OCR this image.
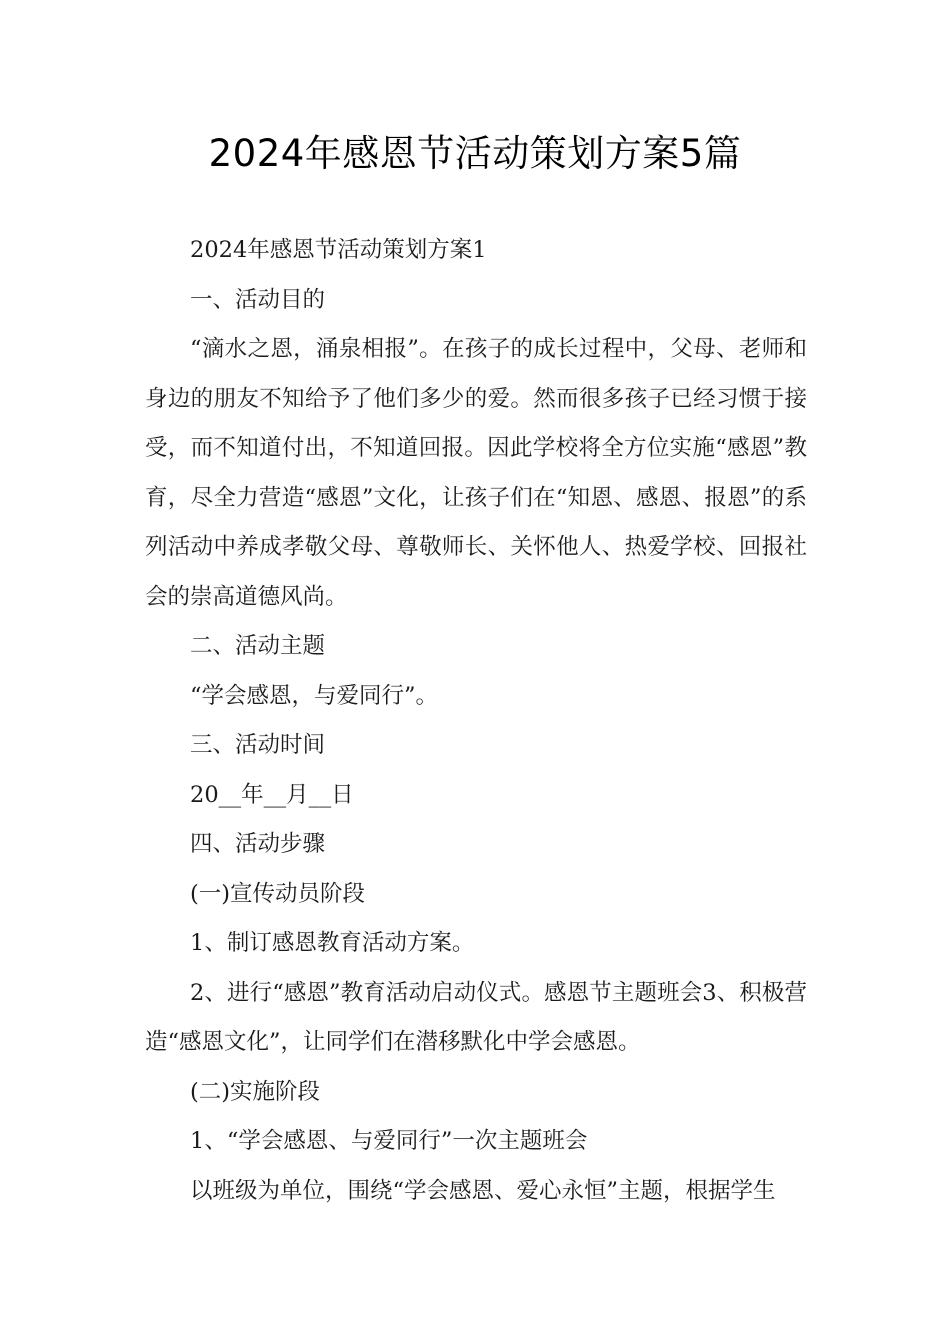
2024年感恩节活动策划方案5篇

2024年感恩节活动策划方案1

一、活动目的

“滴水之恩，涌泉相报”。在孩子的成长过程中，父母、老师和身边的朋友不知给予了他们多少的爱。然而很多孩子已经习惯于接受，而不知道付出，不知道回报。因此学校将全方位实施“感恩”教育，尽全力营造“感恩”文化，让孩子们在“知恩、感恩、报恩”的系列活动中养成孝敬父母、尊敬师长、关怀他人、热爱学校、回报社会的崇高道德风尚。

二、活动主题

“学会感恩，与爱同行”。

三、活动时间

20__年__月__日

四、活动步骤

(一)宣传动员阶段

1、制订感恩教育活动方案。

2、进行“感恩”教育活动启动仪式。感恩节主题班会3、积极营造“感恩文化”，让同学们在潜移默化中学会感恩。

(二)实施阶段

1、“学会感恩、与爱同行”一次主题班会

以班级为单位，围绕“学会感恩、爱心永恒”主题，根据学生
